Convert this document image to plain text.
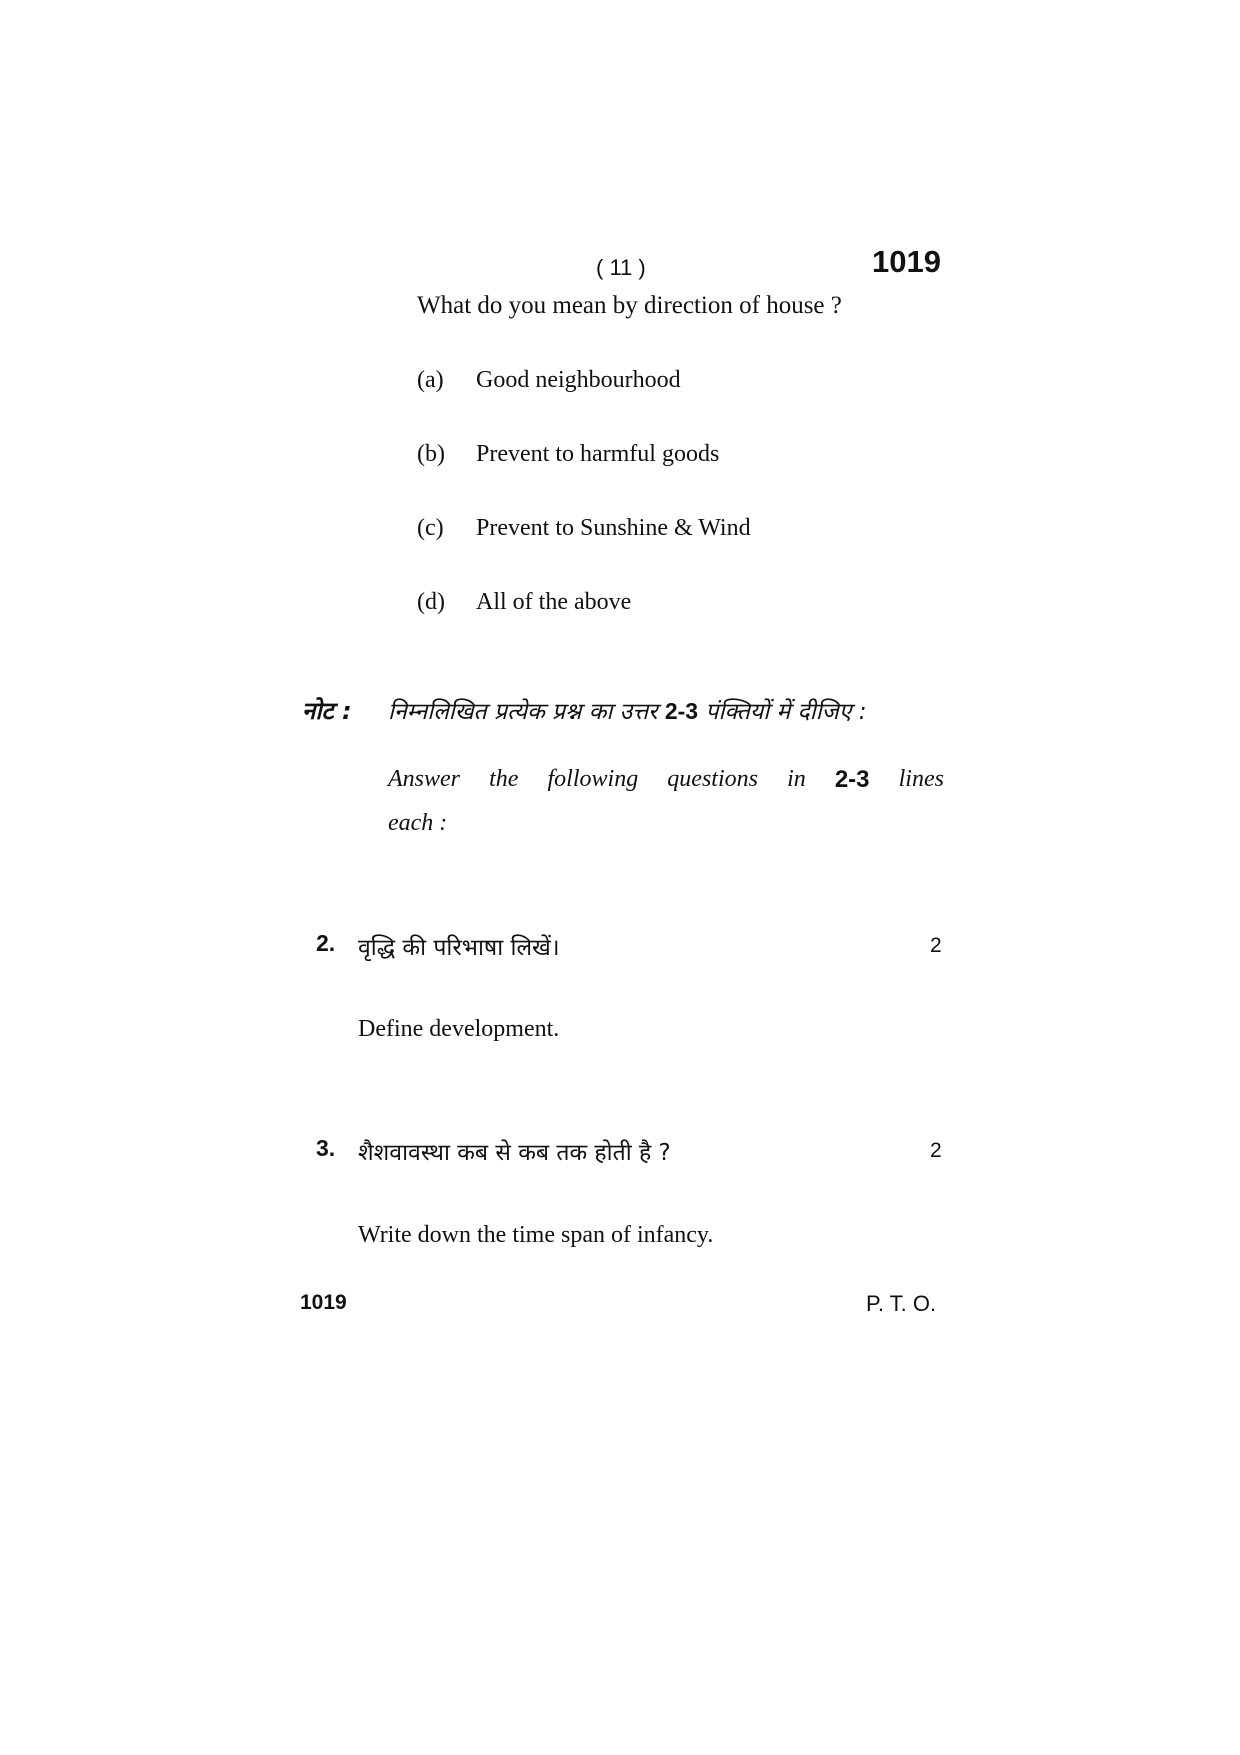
( 11 )	1019
What do you mean by direction of house ?
(a) Good neighbourhood
(b) Prevent to harmful goods
(c) Prevent to Sunshine & Wind
(d) All of the above
नोट : निम्नलिखित प्रत्येक प्रश्न का उत्तर 2-3 पंक्तियों में दीजिए :
Answer the following questions in 2-3 lines
each :
2. वृद्धि की परिभाषा लिखें।	2
Define development.
3. शैशवावस्था कब से कब तक होती है ?	2
Write down the time span of infancy.
1019	P. T. O.
